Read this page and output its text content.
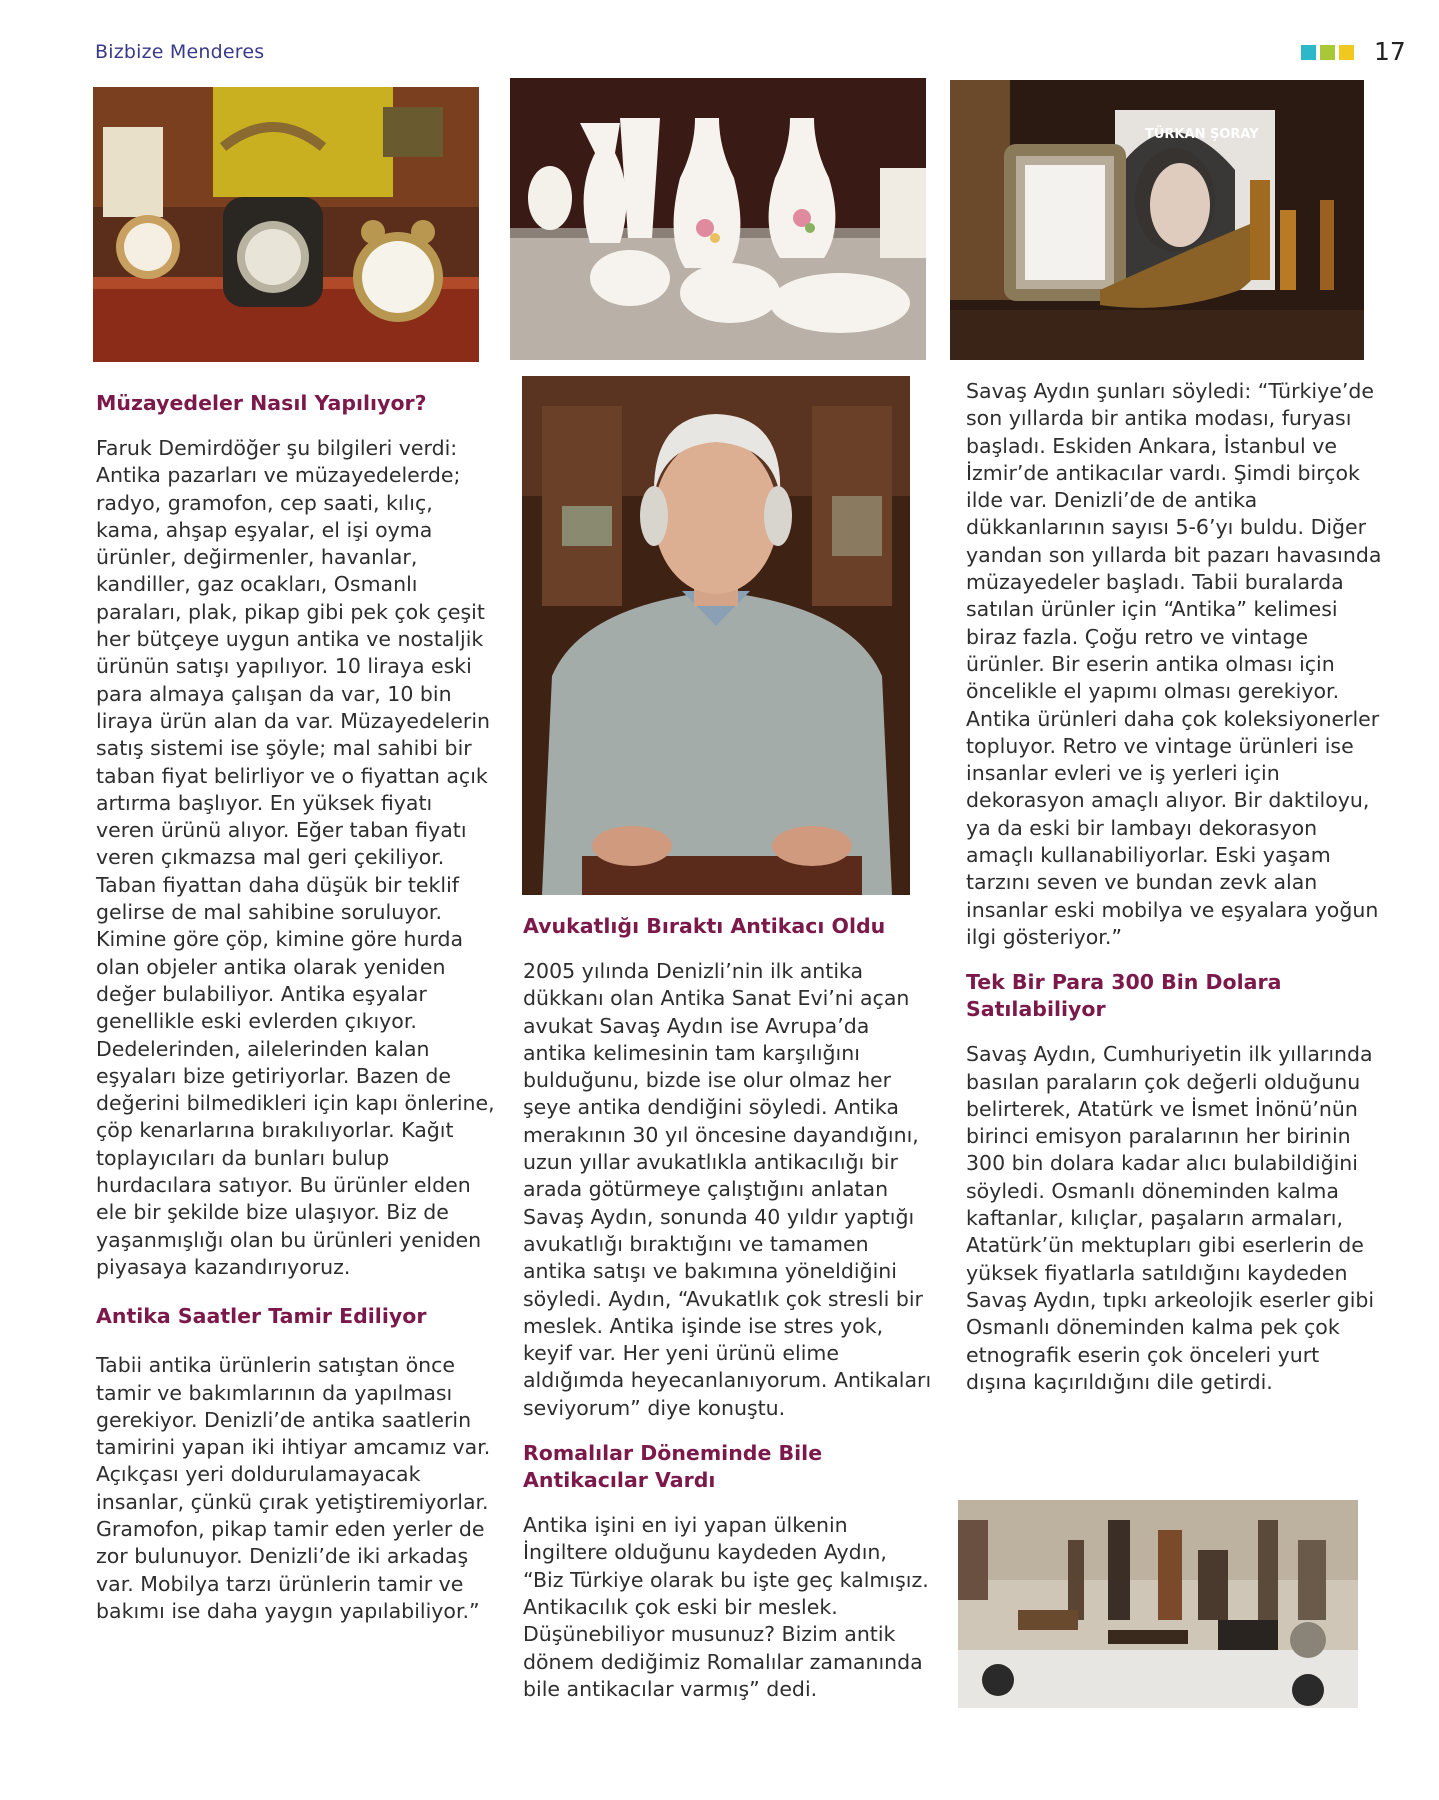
Bizbize Menderes	17
TÜRKAN ŞORAY
Müzayedeler Nasıl Yapılıyor?

Faruk Demirdöğer şu bilgileri verdi: Antika pazarları ve müzayedelerde; radyo, gramofon, cep saati, kılıç, kama, ahşap eşyalar, el işi oyma ürünler, değirmenler, havanlar, kandiller, gaz ocakları, Osmanlı paraları, plak, pikap gibi pek çok çeşit her bütçeye uygun antika ve nostaljik ürünün satışı yapılıyor. 10 liraya eski para almaya çalışan da var, 10 bin liraya ürün alan da var. Müzayedelerin satış sistemi ise şöyle; mal sahibi bir taban fiyat belirliyor ve o fiyattan açık artırma başlıyor. En yüksek fiyatı veren ürünü alıyor. Eğer taban fiyatı veren çıkmazsa mal geri çekiliyor. Taban fiyattan daha düşük bir teklif gelirse de mal sahibine soruluyor.

Kimine göre çöp, kimine göre hurda olan objeler antika olarak yeniden değer bulabiliyor. Antika eşyalar genellikle eski evlerden çıkıyor. Dedelerinden, ailelerinden kalan eşyaları bize getiriyorlar. Bazen de değerini bilmedikleri için kapı önlerine, çöp kenarlarına bırakılıyorlar. Kağıt toplayıcıları da bunları bulup hurdacılara satıyor. Bu ürünler elden ele bir şekilde bize ulaşıyor. Biz de yaşanmışlığı olan bu ürünleri yeniden piyasaya kazandırıyoruz.

Antika Saatler Tamir Ediliyor

Tabii antika ürünlerin satıştan önce tamir ve bakımlarının da yapılması gerekiyor. Denizli’de antika saatlerin tamirini yapan iki ihtiyar amcamız var. Açıkçası yeri doldurulamayacak insanlar, çünkü çırak yetiştiremiyorlar. Gramofon, pikap tamir eden yerler de zor bulunuyor. Denizli’de iki arkadaş var. Mobilya tarzı ürünlerin tamir ve bakımı ise daha yaygın yapılabiliyor.”

Avukatlığı Bıraktı Antikacı Oldu

2005 yılında Denizli’nin ilk antika dükkanı olan Antika Sanat Evi’ni açan avukat Savaş Aydın ise Avrupa’da antika kelimesinin tam karşılığını bulduğunu, bizde ise olur olmaz her şeye antika dendiğini söyledi. Antika merakının 30 yıl öncesine dayandığını, uzun yıllar avukatlıkla antikacılığı bir arada götürmeye çalıştığını anlatan Savaş Aydın, sonunda 40 yıldır yaptığı avukatlığı bıraktığını ve tamamen antika satışı ve bakımına yöneldiğini söyledi. Aydın, “Avukatlık çok stresli bir meslek. Antika işinde ise stres yok, keyif var. Her yeni ürünü elime aldığımda heyecanlanıyorum. Antikaları seviyorum” diye konuştu.

Romalılar Döneminde Bile Antikacılar Vardı

Antika işini en iyi yapan ülkenin İngiltere olduğunu kaydeden Aydın, “Biz Türkiye olarak bu işte geç kalmışız. Antikacılık çok eski bir meslek. Düşünebiliyor musunuz? Bizim antik dönem dediğimiz Romalılar zamanında bile antikacılar varmış” dedi.

Savaş Aydın şunları söyledi: “Türkiye’de son yıllarda bir antika modası, furyası başladı. Eskiden Ankara, İstanbul ve İzmir’de antikacılar vardı. Şimdi birçok ilde var. Denizli’de de antika dükkanlarının sayısı 5-6’yı buldu. Diğer yandan son yıllarda bit pazarı havasında müzayedeler başladı. Tabii buralarda satılan ürünler için “Antika” kelimesi biraz fazla. Çoğu retro ve vintage ürünler. Bir eserin antika olması için öncelikle el yapımı olması gerekiyor. Antika ürünleri daha çok koleksiyonerler topluyor. Retro ve vintage ürünleri ise insanlar evleri ve iş yerleri için dekorasyon amaçlı alıyor. Bir daktiloyu, ya da eski bir lambayı dekorasyon amaçlı kullanabiliyorlar. Eski yaşam tarzını seven ve bundan zevk alan insanlar eski mobilya ve eşyalara yoğun ilgi gösteriyor.”

Tek Bir Para 300 Bin Dolara Satılabiliyor

Savaş Aydın, Cumhuriyetin ilk yıllarında basılan paraların çok değerli olduğunu belirterek, Atatürk ve İsmet İnönü’nün birinci emisyon paralarının her birinin 300 bin dolara kadar alıcı bulabildiğini söyledi. Osmanlı döneminden kalma kaftanlar, kılıçlar, paşaların armaları, Atatürk’ün mektupları gibi eserlerin de yüksek fiyatlarla satıldığını kaydeden Savaş Aydın, tıpkı arkeolojik eserler gibi Osmanlı döneminden kalma pek çok etnografik eserin çok önceleri yurt dışına kaçırıldığını dile getirdi.
